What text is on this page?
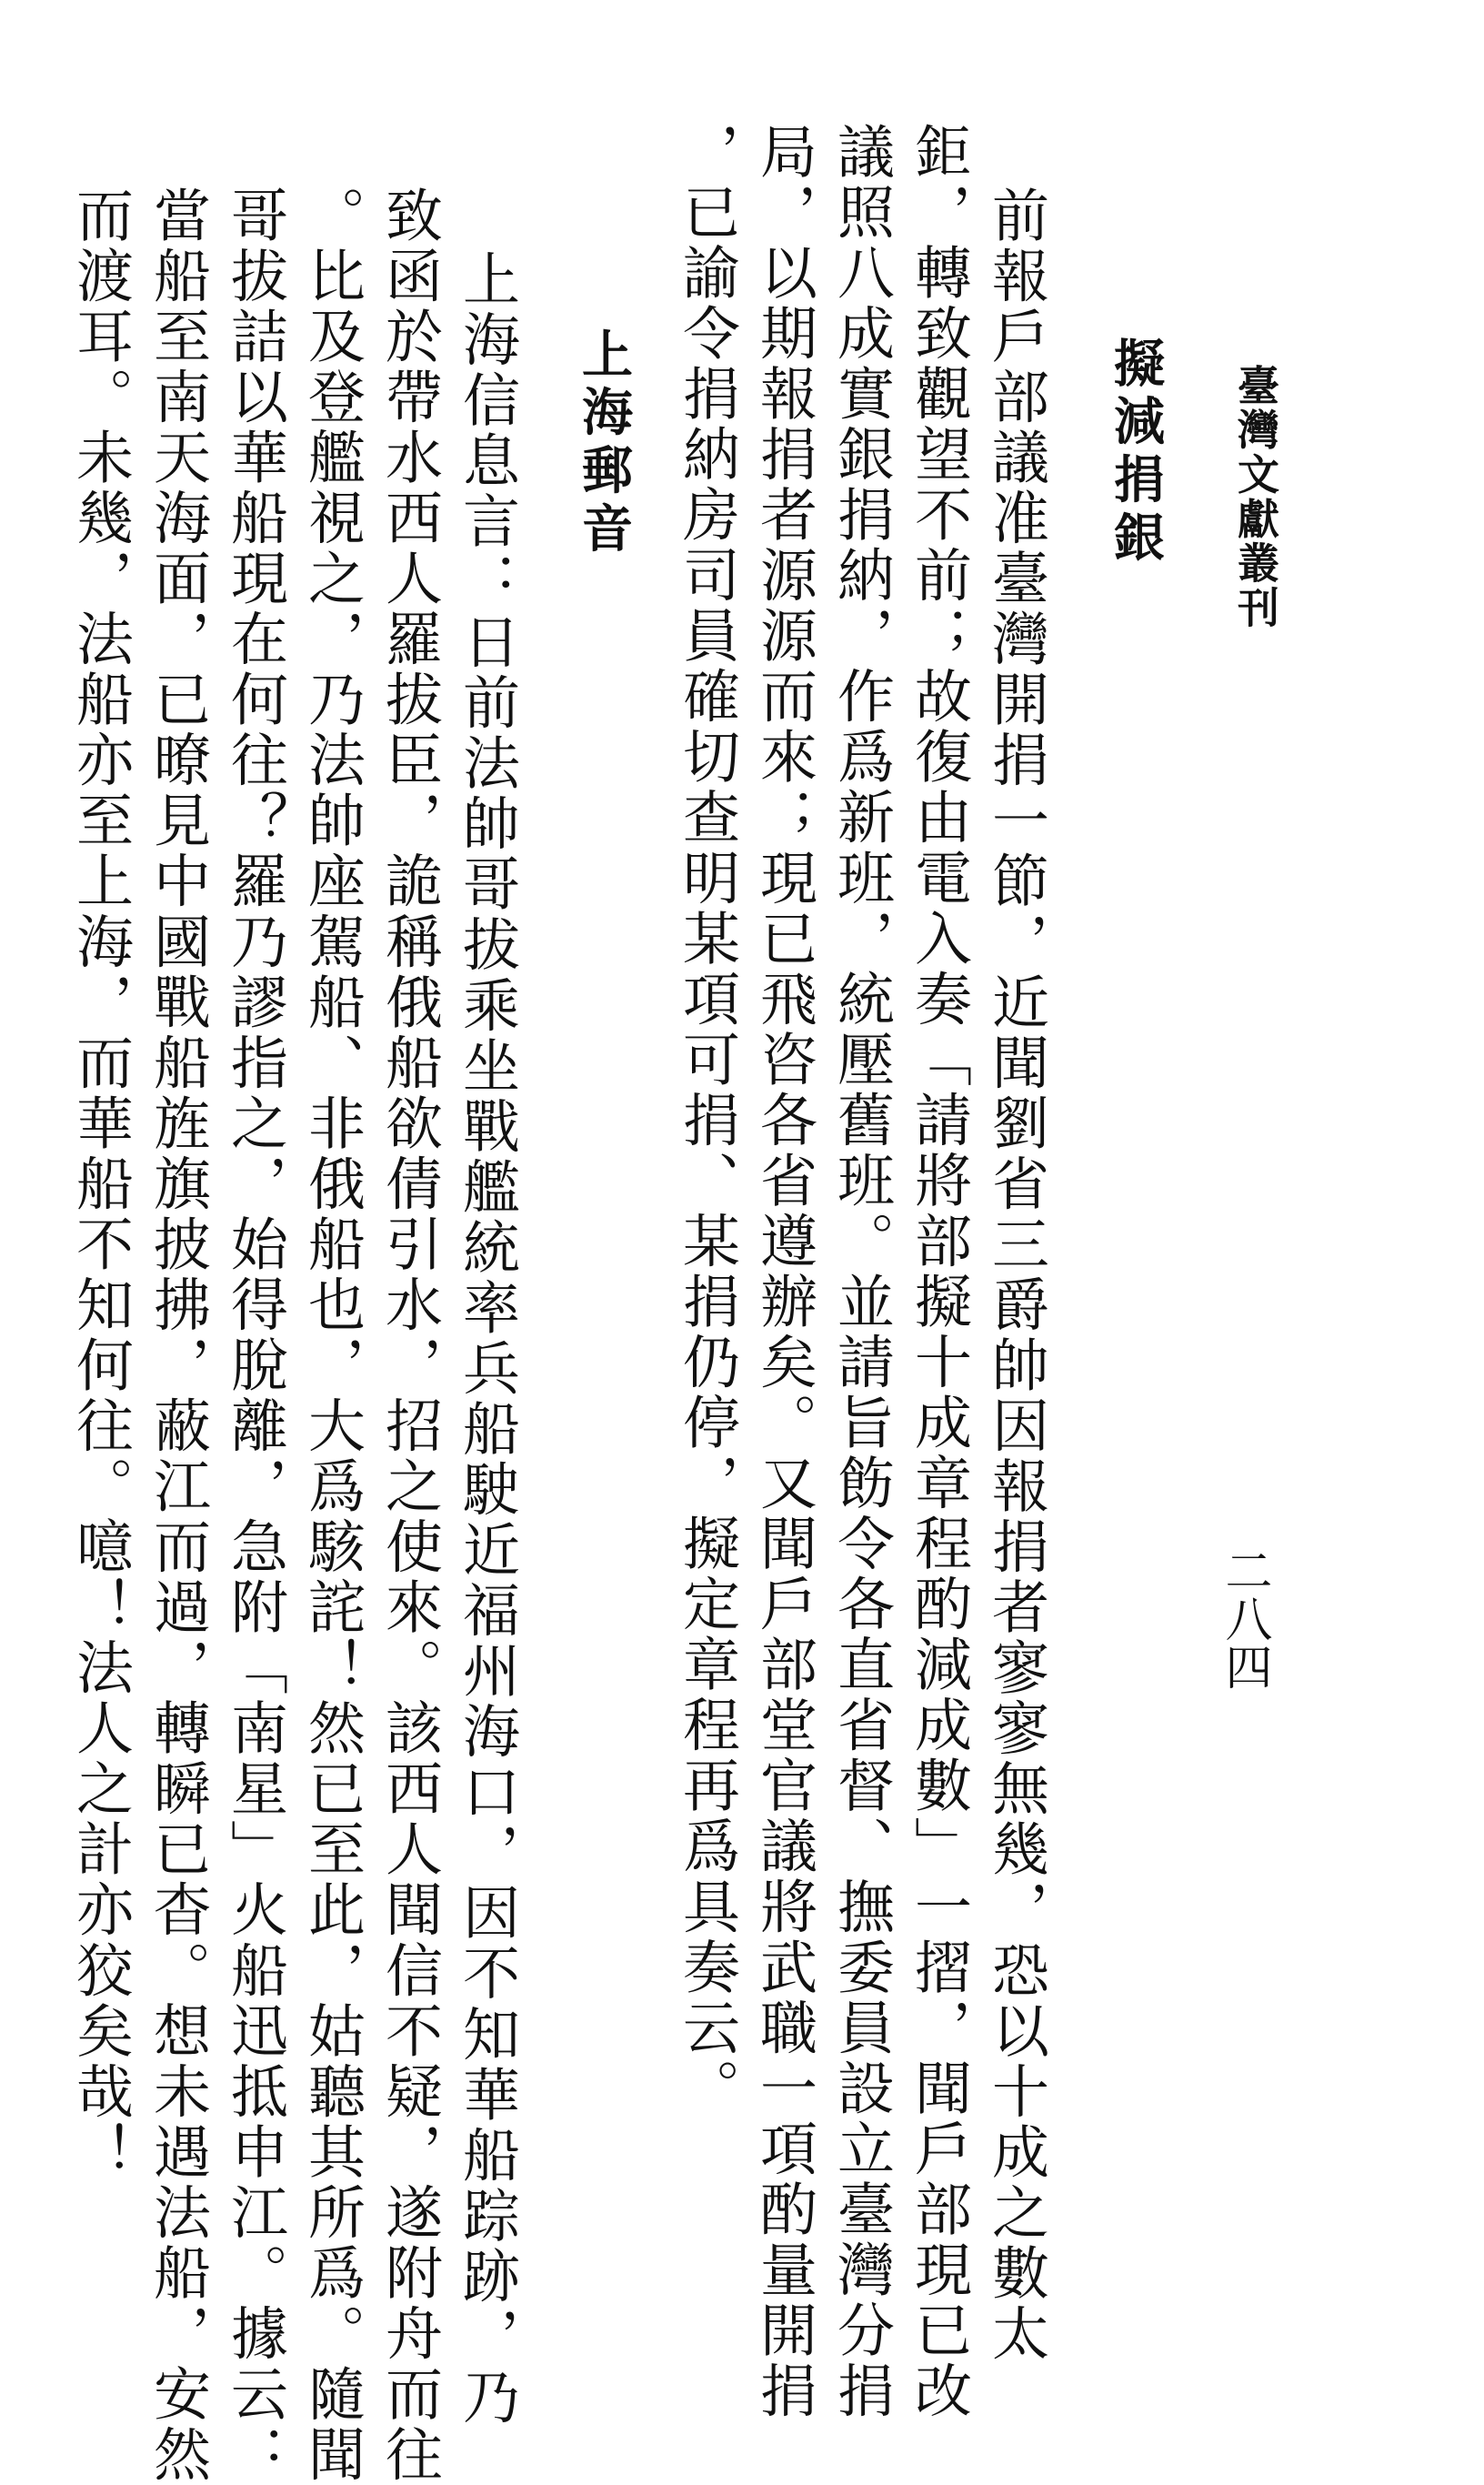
臺灣文獻叢刊
二八四
擬減捐銀
前報戶部議准臺灣開捐一節，近聞劉省三爵帥因報捐者寥寥無幾，恐以十成之數太
鉅，轉致觀望不前；故復由電入奏「請將部擬十成章程酌減成數」一摺，聞戶部現已改
議照八成實銀捐納，作爲新班，統壓舊班。並請旨飭令各直省督、撫委員設立臺灣分捐
局，以期報捐者源源而來；現已飛咨各省遵辦矣。又聞戶部堂官議將武職一項酌量開捐
，已諭令捐納房司員確切查明某項可捐、某捐仍停，擬定章程再爲具奏云。
上海郵音
上海信息言：日前法帥哥拔乘坐戰艦統率兵船駛近福州海口，因不知華船踪跡，乃
致函於帶水西人羅拔臣，詭稱俄船欲倩引水，招之使來。該西人聞信不疑，遂附舟而往
。比及登艦視之，乃法帥座駕船、非俄船也，大爲駭詫！然已至此，姑聽其所爲。隨聞
哥拔詰以華船現在何往？羅乃謬指之，始得脫離，急附「南星」火船迅抵申江。據云：
當船至南天海面，已暸見中國戰船旌旗披拂，蔽江而過，轉瞬已杳。想未遇法船，安然
而渡耳。未幾，法船亦至上海，而華船不知何往。噫！法人之計亦狡矣哉！
